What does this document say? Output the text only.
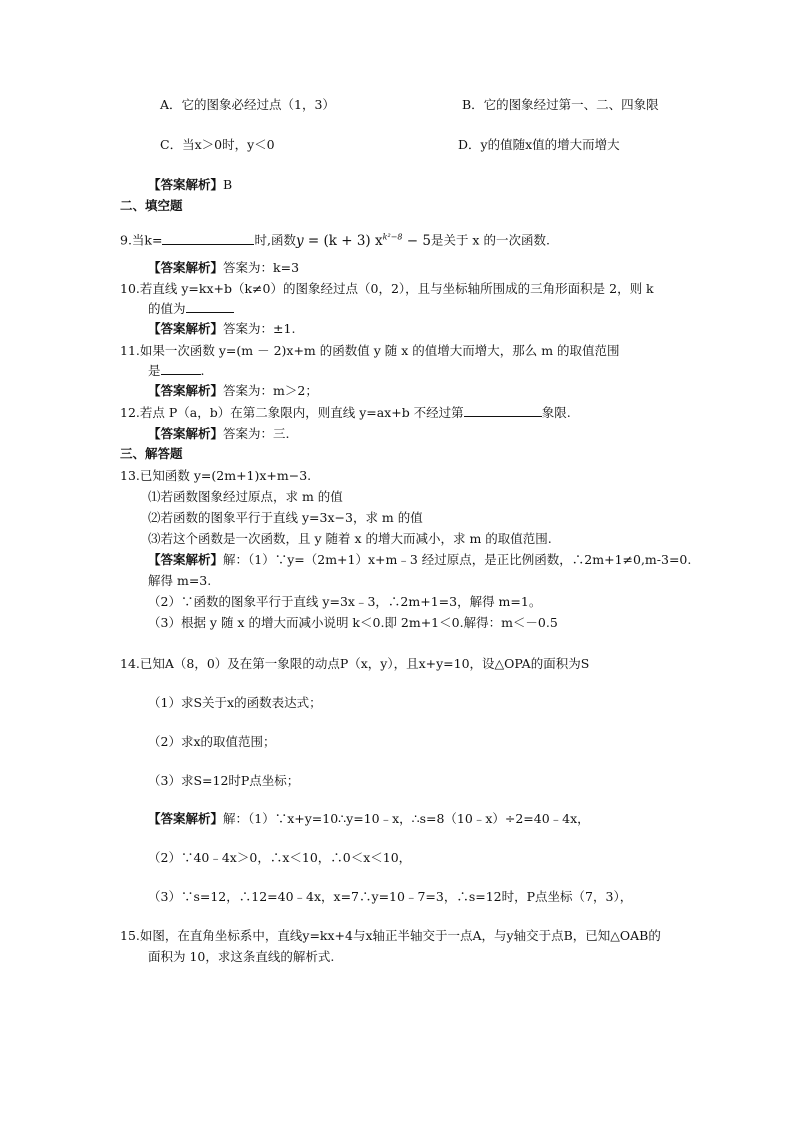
A．它的图象必经过点（1，3）	B．它的图象经过第一、二、四象限
C．当x＞0时，y＜0	D．y的值随x值的增大而增大
【答案解析】B
二、填空题
9.当k=	时,函数y = (k + 3) $x^{k^2-8} - 5$是关于 x 的一次函数.
【答案解析】答案为：k=3
10.若直线 y=kx+b（k≠0）的图象经过点（0，2），且与坐标轴所围成的三角形面积是 2，则 k
的值为
【答案解析】答案为：±1.
11.如果一次函数 y=(m － 2)x+m 的函数值 y 随 x 的值增大而增大，那么 m 的取值范围
是	.
【答案解析】答案为：m＞2；
12.若点 P（a，b）在第二象限内，则直线 y=ax+b 不经过第	象限.
【答案解析】答案为：三.
三、解答题
13.已知函数 y=(2m+1)x+m−3.
⑴若函数图象经过原点，求 m 的值
⑵若函数的图象平行于直线 y=3x−3，求 m 的值
⑶若这个函数是一次函数，且 y 随着 x 的增大而减小，求 m 的取值范围.
【答案解析】解：（1）∵y=（2m+1）x+m﹣3 经过原点，是正比例函数，∴2m+1≠0,m-3=0.
解得 m=3.
（2）∵函数的图象平行于直线 y=3x﹣3，∴2m+1=3，解得 m=1。
（3）根据 y 随 x 的增大而减小说明 k＜0.即 2m+1＜0.解得：m＜－0.5
14.已知A（8，0）及在第一象限的动点P（x，y），且x+y=10，设△OPA的面积为S
（1）求S关于x的函数表达式；
（2）求x的取值范围；
（3）求S=12时P点坐标；
【答案解析】解：（1）∵x+y=10∴y=10﹣x，∴s=8（10﹣x）÷2=40﹣4x，
（2）∵40﹣4x＞0，∴x＜10，∴0＜x＜10，
（3）∵s=12，∴12=40﹣4x，x=7∴y=10﹣7=3，∴s=12时，P点坐标（7，3），
15.如图，在直角坐标系中，直线y=kx+4与x轴正半轴交于一点A，与y轴交于点B，已知△OAB的
面积为 10，求这条直线的解析式.
